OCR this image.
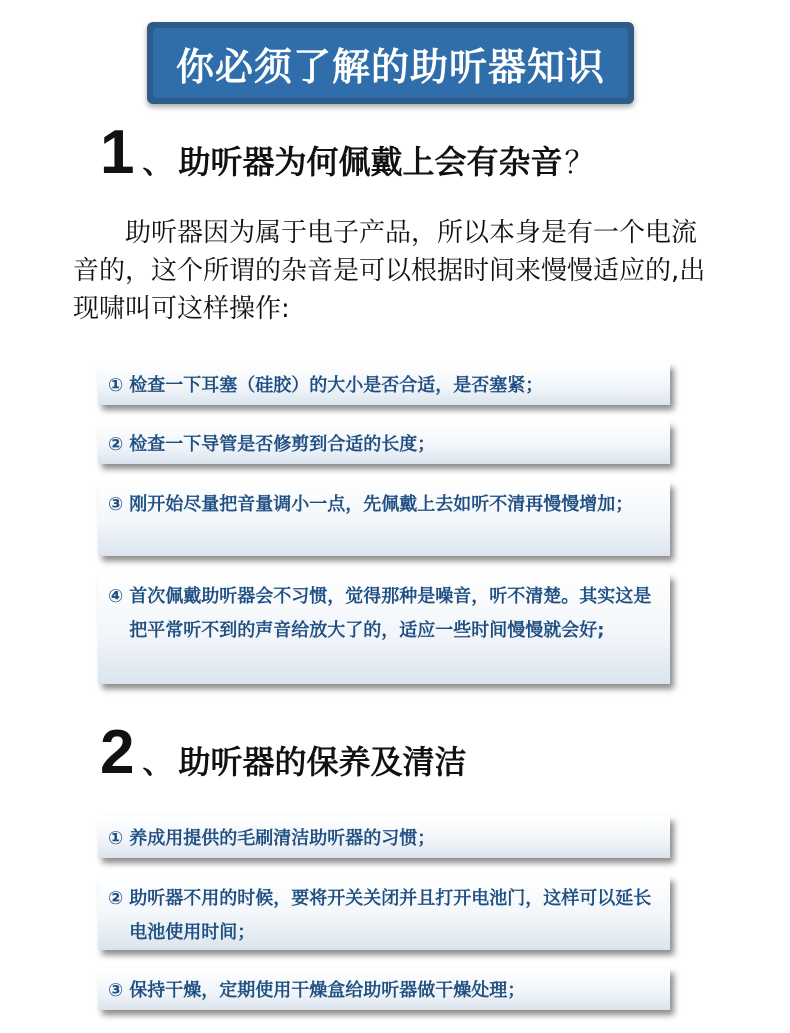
你必须了解的助听器知识
1 、 助听器为何佩戴上会有杂音 ？
助听器因为属于电子产品，所以本身是有一个电流音的，这个所谓的杂音是可以根据时间来慢慢适应的,出现啸叫可这样操作:
① 检查一下耳塞（硅胶）的大小是否合适，是否塞紧；
② 检查一下导管是否修剪到合适的长度；
③ 刚开始尽量把音量调小一点，先佩戴上去如听不清再慢慢增加；
④ 首次佩戴助听器会不习惯，觉得那种是噪音，听不清楚。其实这是把平常听不到的声音给放大了的，适应一些时间慢慢就会好;
2 、 助听器的保养及清洁
① 养成用提供的毛刷清洁助听器的习惯；
② 助听器不用的时候，要将开关关闭并且打开电池门，这样可以延长电池使用时间；
③ 保持干燥，定期使用干燥盒给助听器做干燥处理；
